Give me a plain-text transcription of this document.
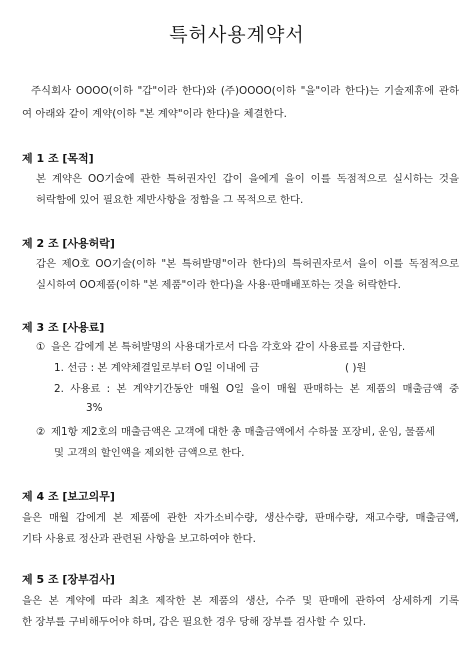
특허사용계약서
주식회사 OOOO(이하 "갑"이라 한다)와 (주)OOOO(이하 "을"이라 한다)는 기술제휴에 관하
여 아래와 같이 계약(이하 "본 계약"이라 한다)을 체결한다.
제 1 조 [목적]
본 계약은 OO기술에 관한 특허권자인 갑이 을에게 을이 이를 독점적으로 실시하는 것을
허락함에 있어 필요한 제반사항을 정함을 그 목적으로 한다.
제 2 조 [사용허락]
갑은 제O호 OO기술(이하 "본 특허발명"이라 한다)의 특허권자로서 을이 이를 독점적으로
실시하여 OO제품(이하 "본 제품"이라 한다)을 사용·판매배포하는 것을 허락한다.
제 3 조 [사용료]
① 을은 갑에게 본 특허발명의 사용대가로서 다음 각호와 같이 사용료를 지급한다.
1. 선금 : 본 계약체결일로부터 O일 이내에 금	( )원
2. 사용료 : 본 계약기간동안 매월 O일 을이 매월 판매하는 본 제품의 매출금액 중
3%
② 제1항 제2호의 매출금액은 고객에 대한 총 매출금액에서 수하물 포장비, 운임, 물품세
및 고객의 할인액을 제외한 금액으로 한다.
제 4 조 [보고의무]
을은 매월 갑에게 본 제품에 관한 자가소비수량, 생산수량, 판매수량, 재고수량, 매출금액,
기타 사용료 정산과 관련된 사항을 보고하여야 한다.
제 5 조 [장부검사]
을은 본 계약에 따라 최초 제작한 본 제품의 생산, 수주 및 판매에 관하여 상세하게 기록
한 장부를 구비해두어야 하며, 갑은 필요한 경우 당해 장부를 검사할 수 있다.
